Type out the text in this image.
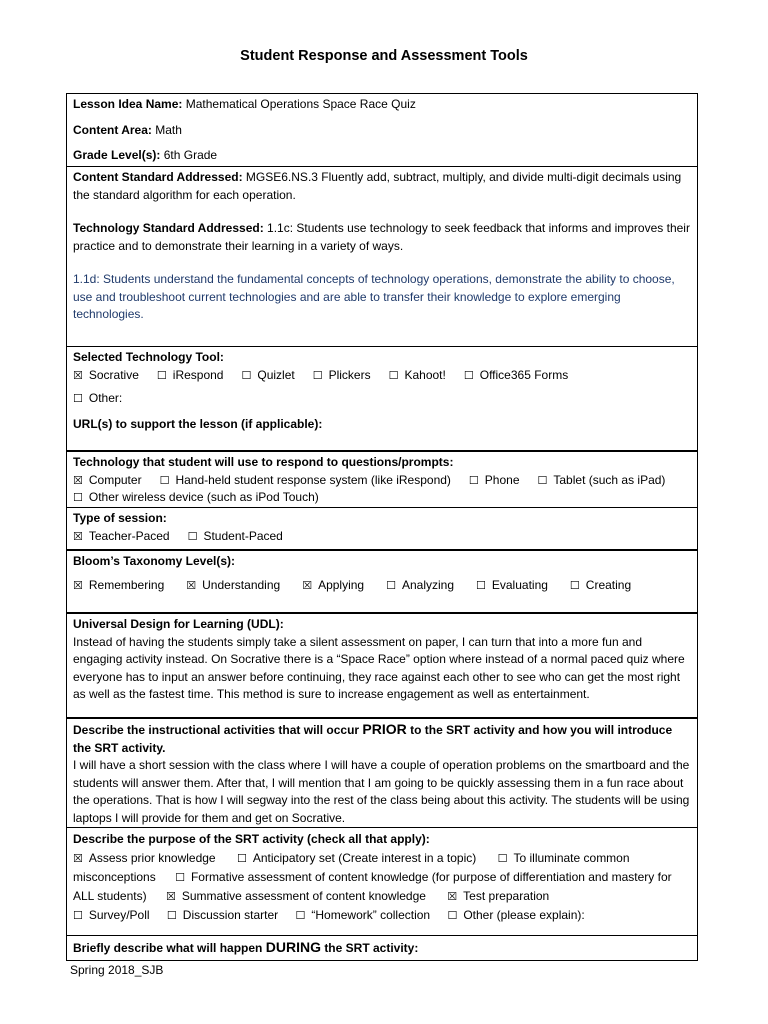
Student Response and Assessment Tools

Lesson Idea Name: Mathematical Operations Space Race Quiz

Content Area: Math

Grade Level(s): 6th Grade

Content Standard Addressed: MGSE6.NS.3 Fluently add, subtract, multiply, and divide multi-digit decimals using the standard algorithm for each operation.

Technology Standard Addressed: 1.1c: Students use technology to seek feedback that informs and improves their practice and to demonstrate their learning in a variety of ways.

1.1d: Students understand the fundamental concepts of technology operations, demonstrate the ability to choose, use and troubleshoot current technologies and are able to transfer their knowledge to explore emerging technologies.

Selected Technology Tool:

☒ Socrative ☐ iRespond ☐ Quizlet ☐ Plickers ☐ Kahoot! ☐ Office365 Forms

☐ Other:

URL(s) to support the lesson (if applicable):

Technology that student will use to respond to questions/prompts:

☒ Computer ☐ Hand-held student response system (like iRespond) ☐ Phone ☐ Tablet (such as iPad)

☐ Other wireless device (such as iPod Touch)

Type of session:

☒ Teacher-Paced ☐ Student-Paced

Bloom’s Taxonomy Level(s):

☒ Remembering ☒ Understanding ☒ Applying ☐ Analyzing ☐ Evaluating ☐ Creating

Universal Design for Learning (UDL):

Instead of having the students simply take a silent assessment on paper, I can turn that into a more fun and engaging activity instead. On Socrative there is a “Space Race” option where instead of a normal paced quiz where everyone has to input an answer before continuing, they race against each other to see who can get the most right as well as the fastest time. This method is sure to increase engagement as well as entertainment.

Describe the instructional activities that will occur PRIOR to the SRT activity and how you will introduce the SRT activity.

I will have a short session with the class where I will have a couple of operation problems on the smartboard and the students will answer them. After that, I will mention that I am going to be quickly assessing them in a fun race about the operations. That is how I will segway into the rest of the class being about this activity. The students will be using laptops I will provide for them and get on Socrative.

Describe the purpose of the SRT activity (check all that apply):

☒ Assess prior knowledge ☐ Anticipatory set (Create interest in a topic) ☐ To illuminate common misconceptions ☐ Formative assessment of content knowledge (for purpose of differentiation and mastery for ALL students) ☒ Summative assessment of content knowledge ☒ Test preparation
☐ Survey/Poll ☐ Discussion starter ☐ “Homework” collection ☐ Other (please explain):

Briefly describe what will happen DURING the SRT activity:

Spring 2018_SJB
